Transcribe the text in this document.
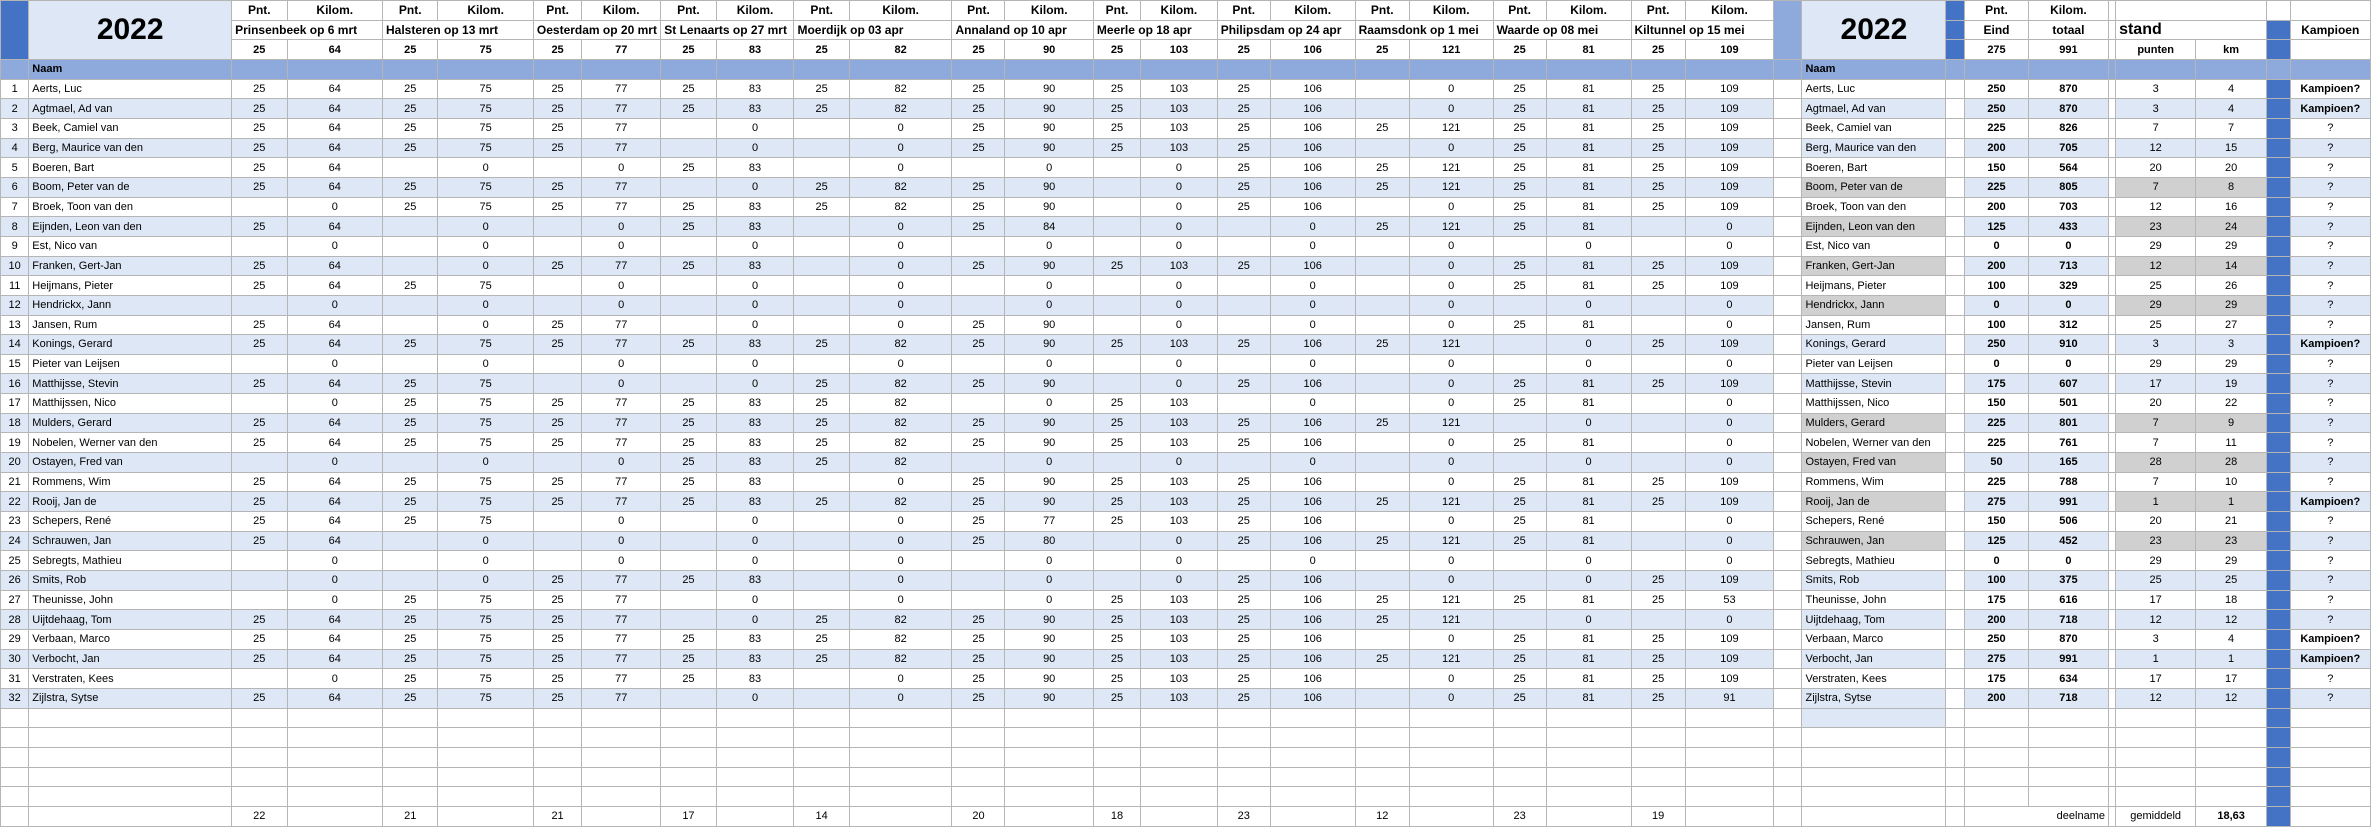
	2022	Pnt.	Kilom.	Pnt.	Kilom.	Pnt.	Kilom.	Pnt.	Kilom.	Pnt.	Kilom.	Pnt.	Kilom.	Pnt.	Kilom.	Pnt.	Kilom.	Pnt.	Kilom.	Pnt.	Kilom.	Pnt.	Kilom.		2022		Pnt.	Kilom.					
		Prinsenbeek op 6 mrt		Halsteren op 13 mrt		Oesterdam op 20 mrt		St Lenaarts op 27 mrt		Moerdijk op 03 apr		Annaland op 10 apr		Meerle op 18 apr		Philipsdam op 24 apr		Raamsdonk op 1 mei		Waarde op 08 mei		Kiltunnel op 15 mei					Eind	totaal		stand			Kampioen
		25	64	25	75	25	77	25	83	25	82	25	90	25	103	25	106	25	121	25	81	25	109				275	991		punten	km		
	Naam																								Naam								
1	Aerts, Luc	25	64	25	75	25	77	25	83	25	82	25	90	25	103	25	106		0	25	81	25	109		Aerts, Luc		250	870		3	4		Kampioen?
2	Agtmael, Ad van	25	64	25	75	25	77	25	83	25	82	25	90	25	103	25	106		0	25	81	25	109		Agtmael, Ad van		250	870		3	4		Kampioen?
3	Beek, Camiel van	25	64	25	75	25	77		0		0	25	90	25	103	25	106	25	121	25	81	25	109		Beek, Camiel van		225	826		7	7		?
4	Berg, Maurice van den	25	64	25	75	25	77		0		0	25	90	25	103	25	106		0	25	81	25	109		Berg, Maurice van den		200	705		12	15		?
5	Boeren, Bart	25	64		0		0	25	83		0		0		0	25	106	25	121	25	81	25	109		Boeren, Bart		150	564		20	20		?
6	Boom, Peter van de	25	64	25	75	25	77		0	25	82	25	90		0	25	106	25	121	25	81	25	109		Boom, Peter van de		225	805		7	8		?
7	Broek, Toon van den		0	25	75	25	77	25	83	25	82	25	90		0	25	106		0	25	81	25	109		Broek, Toon van den		200	703		12	16		?
8	Eijnden, Leon van den	25	64		0		0	25	83		0	25	84		0		0	25	121	25	81		0		Eijnden, Leon van den		125	433		23	24		?
9	Est, Nico van		0		0		0		0		0		0		0		0		0		0		0		Est, Nico van		0	0		29	29		?
10	Franken, Gert-Jan	25	64		0	25	77	25	83		0	25	90	25	103	25	106		0	25	81	25	109		Franken, Gert-Jan		200	713		12	14		?
11	Heijmans, Pieter	25	64	25	75		0		0		0		0		0		0		0	25	81	25	109		Heijmans, Pieter		100	329		25	26		?
12	Hendrickx, Jann		0		0		0		0		0		0		0		0		0		0		0		Hendrickx, Jann		0	0		29	29		?
13	Jansen, Rum	25	64		0	25	77		0		0	25	90		0		0		0	25	81		0		Jansen, Rum		100	312		25	27		?
14	Konings, Gerard	25	64	25	75	25	77	25	83	25	82	25	90	25	103	25	106	25	121		0	25	109		Konings, Gerard		250	910		3	3		Kampioen?
15	Pieter van Leijsen		0		0		0		0		0		0		0		0		0		0		0		Pieter van Leijsen		0	0		29	29		?
16	Matthijsse, Stevin	25	64	25	75		0		0	25	82	25	90		0	25	106		0	25	81	25	109		Matthijsse, Stevin		175	607		17	19		?
17	Matthijssen, Nico		0	25	75	25	77	25	83	25	82		0	25	103		0		0	25	81		0		Matthijssen, Nico		150	501		20	22		?
18	Mulders, Gerard	25	64	25	75	25	77	25	83	25	82	25	90	25	103	25	106	25	121		0		0		Mulders, Gerard		225	801		7	9		?
19	Nobelen, Werner van den	25	64	25	75	25	77	25	83	25	82	25	90	25	103	25	106		0	25	81		0		Nobelen, Werner van den		225	761		7	11		?
20	Ostayen, Fred van		0		0		0	25	83	25	82		0		0		0		0		0		0		Ostayen, Fred van		50	165		28	28		?
21	Rommens, Wim	25	64	25	75	25	77	25	83		0	25	90	25	103	25	106		0	25	81	25	109		Rommens, Wim		225	788		7	10		?
22	Rooij, Jan de	25	64	25	75	25	77	25	83	25	82	25	90	25	103	25	106	25	121	25	81	25	109		Rooij, Jan de		275	991		1	1		Kampioen?
23	Schepers, René	25	64	25	75		0		0		0	25	77	25	103	25	106		0	25	81		0		Schepers, René		150	506		20	21		?
24	Schrauwen, Jan	25	64		0		0		0		0	25	80		0	25	106	25	121	25	81		0		Schrauwen, Jan		125	452		23	23		?
25	Sebregts, Mathieu		0		0		0		0		0		0		0		0		0		0		0		Sebregts, Mathieu		0	0		29	29		?
26	Smits, Rob		0		0	25	77	25	83		0		0		0	25	106		0		0	25	109		Smits, Rob		100	375		25	25		?
27	Theunisse, John		0	25	75	25	77		0		0		0	25	103	25	106	25	121	25	81	25	53		Theunisse, John		175	616		17	18		?
28	Uijtdehaag, Tom	25	64	25	75	25	77		0	25	82	25	90	25	103	25	106	25	121		0		0		Uijtdehaag, Tom		200	718		12	12		?
29	Verbaan, Marco	25	64	25	75	25	77	25	83	25	82	25	90	25	103	25	106		0	25	81	25	109		Verbaan, Marco		250	870		3	4		Kampioen?
30	Verbocht, Jan	25	64	25	75	25	77	25	83	25	82	25	90	25	103	25	106	25	121	25	81	25	109		Verbocht, Jan		275	991		1	1		Kampioen?
31	Verstraten, Kees		0	25	75	25	77	25	83		0	25	90	25	103	25	106		0	25	81	25	109		Verstraten, Kees		175	634		17	17		?
32	Zijlstra, Sytse	25	64	25	75	25	77		0		0	25	90	25	103	25	106		0	25	81	25	91		Zijlstra, Sytse		200	718		12	12		?

		22		21		21		17		14		20		18		23		12		23		19					deelname			gemiddeld	18,63		
